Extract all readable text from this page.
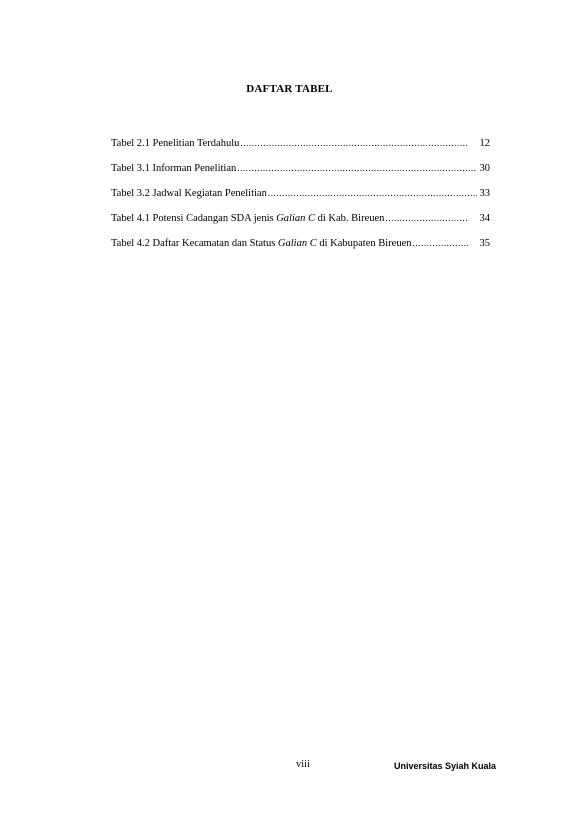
DAFTAR TABEL
Tabel 2.1 Penelitian Terdahulu .....	12
Tabel 3.1 Informan Penelitian .....	30
Tabel 3.2 Jadwal Kegiatan Penelitian .....	33
Tabel 4.1 Potensi Cadangan SDA jenis Galian C di Kab. Bireuen .....	34
Tabel 4.2 Daftar Kecamatan dan Status Galian C di Kabupaten Bireuen .....	35
viii	Universitas Syiah Kuala
